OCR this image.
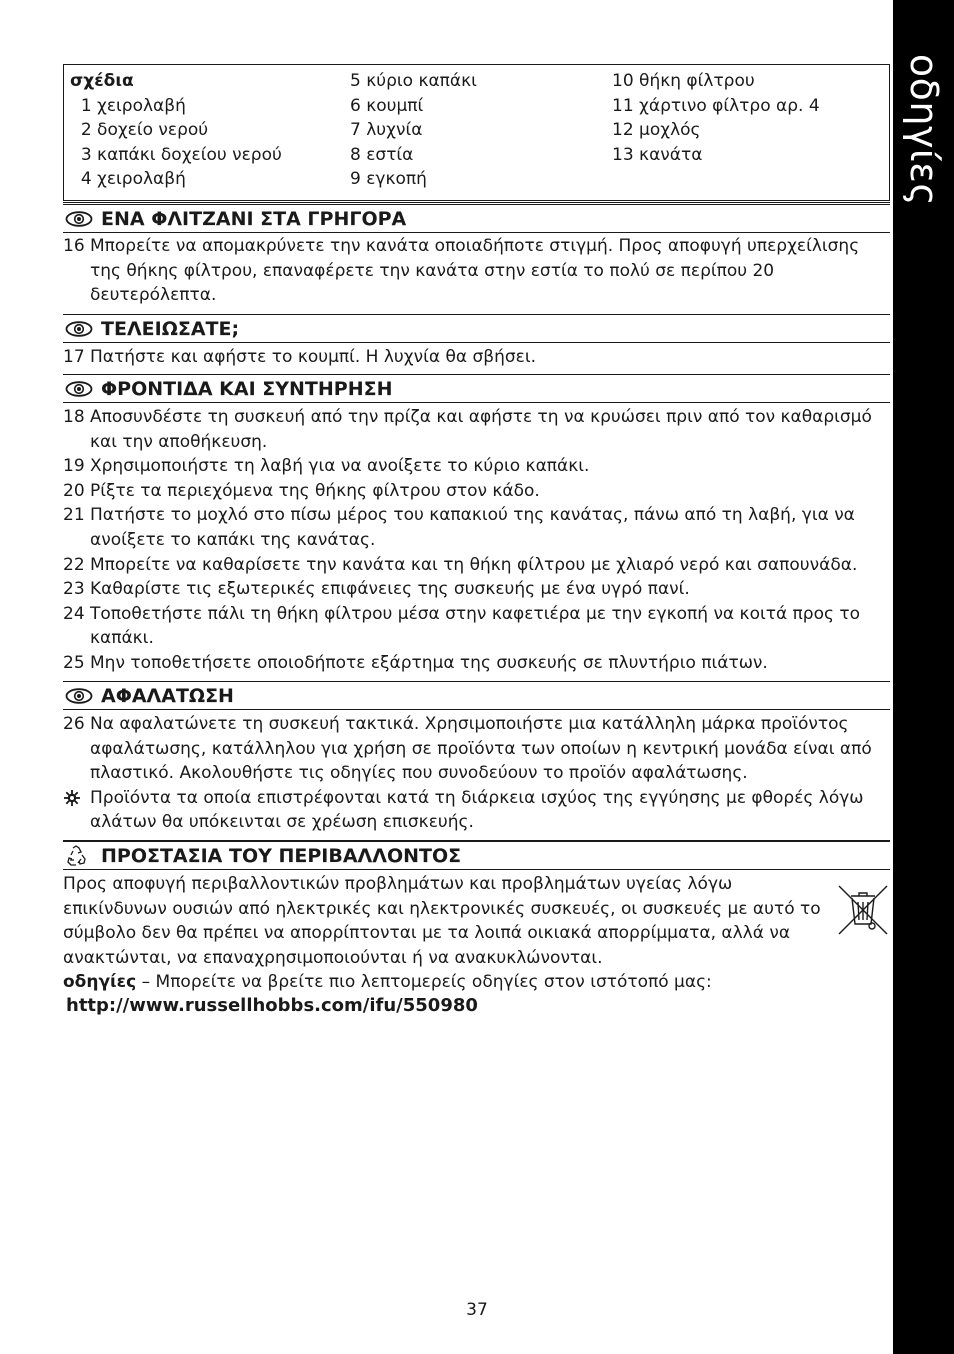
οδηγίες
σχέδια
1 χειρολαβή
2 δοχείο νερού
3 καπάκι δοχείου νερού
4 χειρολαβή
5 κύριο καπάκι
6 κουμπί
7 λυχνία
8 εστία
9 εγκοπή
10 θήκη φίλτρου
11 χάρτινο φίλτρο αρ. 4
12 μοχλός
13 κανάτα
ΕΝΑ ΦΛΙΤΖΑΝΙ ΣΤΑ ΓΡΗΓΟΡΑ
16 Μπορείτε να απομακρύνετε την κανάτα οποιαδήποτε στιγμή. Προς αποφυγή υπερχείλισης της θήκης φίλτρου, επαναφέρετε την κανάτα στην εστία το πολύ σε περίπου 20 δευτερόλεπτα.
ΤΕΛΕΙΩΣΑΤΕ;
17 Πατήστε και αφήστε το κουμπί. Η λυχνία θα σβήσει.
ΦΡΟΝΤΙΔΑ ΚΑΙ ΣΥΝΤΗΡΗΣΗ
18 Αποσυνδέστε τη συσκευή από την πρίζα και αφήστε τη να κρυώσει πριν από τον καθαρισμό και την αποθήκευση.
19 Χρησιμοποιήστε τη λαβή για να ανοίξετε το κύριο καπάκι.
20 Ρίξτε τα περιεχόμενα της θήκης φίλτρου στον κάδο.
21 Πατήστε το μοχλό στο πίσω μέρος του καπακιού της κανάτας, πάνω από τη λαβή, για να ανοίξετε το καπάκι της κανάτας.
22 Μπορείτε να καθαρίσετε την κανάτα και τη θήκη φίλτρου με χλιαρό νερό και σαπουνάδα.
23 Καθαρίστε τις εξωτερικές επιφάνειες της συσκευής με ένα υγρό πανί.
24 Τοποθετήστε πάλι τη θήκη φίλτρου μέσα στην καφετιέρα με την εγκοπή να κοιτά προς το καπάκι.
25 Μην τοποθετήσετε οποιοδήποτε εξάρτημα της συσκευής σε πλυντήριο πιάτων.
ΑΦΑΛΑΤΩΣΗ
26 Να αφαλατώνετε τη συσκευή τακτικά. Χρησιμοποιήστε μια κατάλληλη μάρκα προϊόντος αφαλάτωσης, κατάλληλου για χρήση σε προϊόντα των οποίων η κεντρική μονάδα είναι από πλαστικό. Ακολουθήστε τις οδηγίες που συνοδεύουν το προϊόν αφαλάτωσης.
Προϊόντα τα οποία επιστρέφονται κατά τη διάρκεια ισχύος της εγγύησης με φθορές λόγω αλάτων θα υπόκεινται σε χρέωση επισκευής.
ΠΡΟΣΤΑΣΙΑ ΤΟΥ ΠΕΡΙΒΑΛΛΟΝΤΟΣ
Προς αποφυγή περιβαλλοντικών προβλημάτων και προβλημάτων υγείας λόγω επικίνδυνων ουσιών από ηλεκτρικές και ηλεκτρονικές συσκευές, οι συσκευές με αυτό το σύμβολο δεν θα πρέπει να απορρίπτονται με τα λοιπά οικιακά απορρίμματα, αλλά να ανακτώνται, να επαναχρησιμοποιούνται ή να ανακυκλώνονται.
οδηγίες – Μπορείτε να βρείτε πιο λεπτομερείς οδηγίες στον ιστότοπό μας:
http://www.russellhobbs.com/ifu/550980
37
